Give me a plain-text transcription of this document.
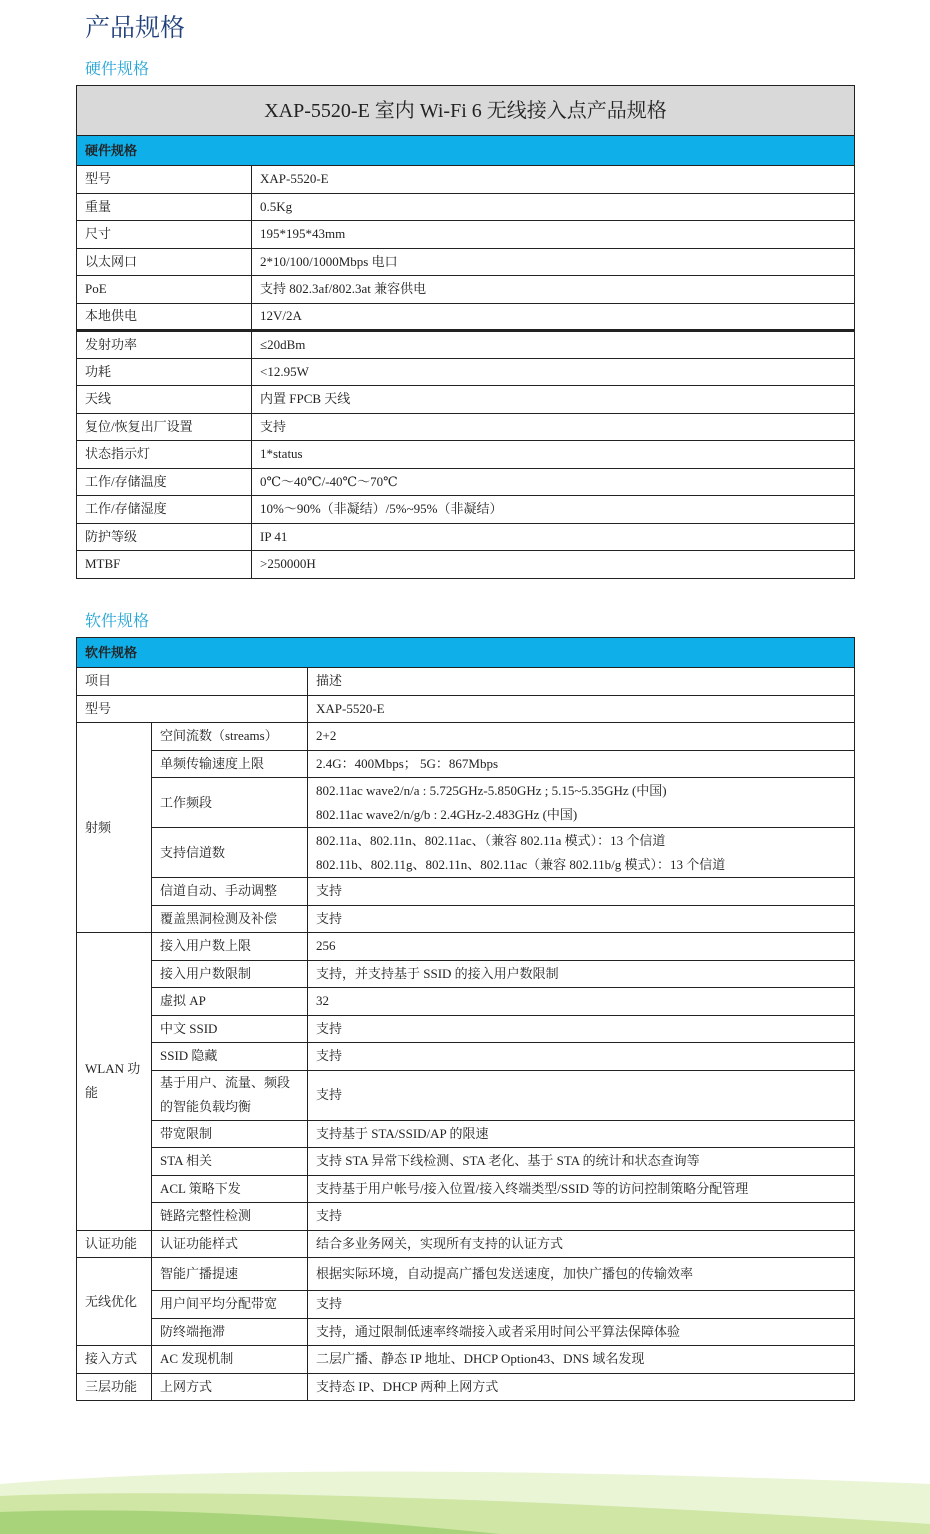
产品规格
硬件规格
XAP-5520-E 室内 Wi-Fi 6 无线接入点产品规格	
硬件规格	
型号	XAP-5520-E
重量	0.5Kg
尺寸	195*195*43mm
以太网口	2*10/100/1000Mbps 电口
PoE	支持 802.3af/802.3at 兼容供电
本地供电	12V/2A
发射功率	≤20dBm
功耗	<12.95W
天线	内置 FPCB 天线
复位/恢复出厂设置	支持
状态指示灯	1*status
工作/存储温度	0℃～40℃/-40℃～70℃
工作/存储湿度	10%～90%（非凝结）/5%~95%（非凝结）
防护等级	IP 41
MTBF	>250000H
软件规格
软件规格		
项目		描述
型号		XAP-5520-E
射频	空间流数（streams）	2+2
	单频传输速度上限	2.4G：400Mbps； 5G：867Mbps
	工作频段	802.11ac wave2/n/a : 5.725GHz-5.850GHz ; 5.15~5.35GHz (中国)
802.11ac wave2/n/g/b : 2.4GHz-2.483GHz (中国)

	支持信道数	802.11a、802.11n、802.11ac、（兼容 802.11a 模式）：13 个信道
802.11b、802.11g、802.11n、802.11ac（兼容 802.11b/g 模式）：13 个信道

	信道自动、手动调整	支持
	覆盖黑洞检测及补偿	支持
WLAN 功能	接入用户数上限	256
	接入用户数限制	支持，并支持基于 SSID 的接入用户数限制
	虚拟 AP	32
	中文 SSID	支持
	SSID 隐藏	支持
	基于用户、流量、频段
的智能负载均衡	支持
	带宽限制	支持基于 STA/SSID/AP 的限速
	STA 相关	支持 STA 异常下线检测、STA 老化、基于 STA 的统计和状态查询等
	ACL 策略下发	支持基于用户帐号/接入位置/接入终端类型/SSID 等的访问控制策略分配管理
	链路完整性检测	支持
认证功能	认证功能样式	结合多业务网关，实现所有支持的认证方式
无线优化	智能广播提速	根据实际环境，自动提高广播包发送速度，加快广播包的传输效率
	用户间平均分配带宽	支持
	防终端拖滞	支持，通过限制低速率终端接入或者采用时间公平算法保障体验
接入方式	AC 发现机制	二层广播、静态 IP 地址、DHCP Option43、DNS 域名发现
三层功能	上网方式	支持态 IP、DHCP 两种上网方式
